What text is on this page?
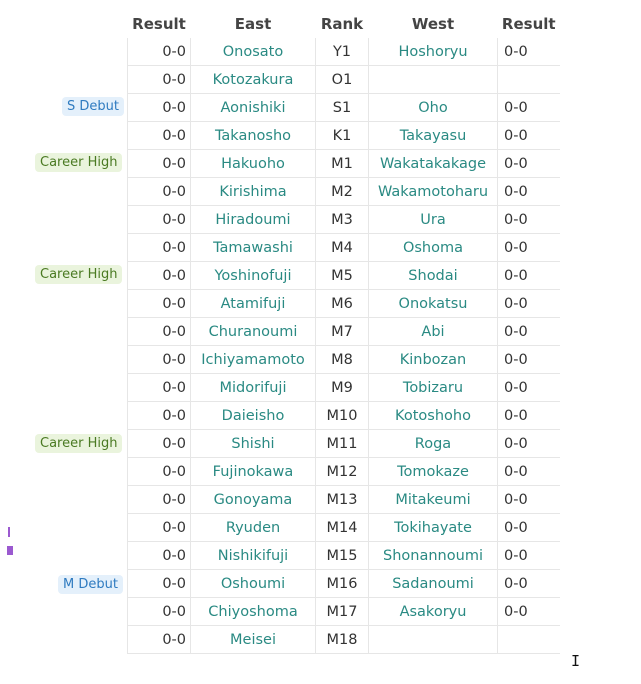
Result	East	Rank	West	Result
0-0	Onosato	Y1	Hoshoryu	0-0
0-0	Kotozakura	O1		
0-0	Aonishiki	S1	Oho	0-0
0-0	Takanosho	K1	Takayasu	0-0
0-0	Hakuoho	M1	Wakatakakage	0-0
0-0	Kirishima	M2	Wakamotoharu	0-0
0-0	Hiradoumi	M3	Ura	0-0
0-0	Tamawashi	M4	Oshoma	0-0
0-0	Yoshinofuji	M5	Shodai	0-0
0-0	Atamifuji	M6	Onokatsu	0-0
0-0	Churanoumi	M7	Abi	0-0
0-0	Ichiyamamoto	M8	Kinbozan	0-0
0-0	Midorifuji	M9	Tobizaru	0-0
0-0	Daieisho	M10	Kotoshoho	0-0
0-0	Shishi	M11	Roga	0-0
0-0	Fujinokawa	M12	Tomokaze	0-0
0-0	Gonoyama	M13	Mitakeumi	0-0
0-0	Ryuden	M14	Tokihayate	0-0
0-0	Nishikifuji	M15	Shonannoumi	0-0
0-0	Oshoumi	M16	Sadanoumi	0-0
0-0	Chiyoshoma	M17	Asakoryu	0-0
0-0	Meisei	M18		
S Debut
Career High
Career High
Career High
M Debut
I
